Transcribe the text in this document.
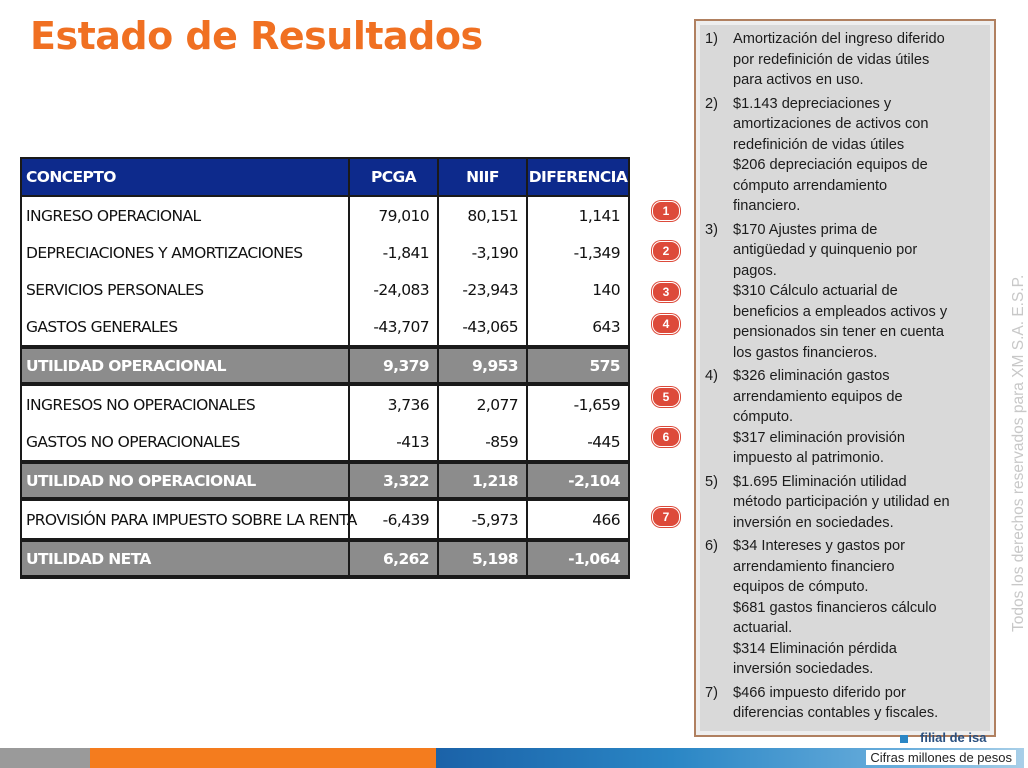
Estado de Resultados
CONCEPTO	PCGA	NIIF	DIFERENCIA
INGRESO OPERACIONAL	79,010	80,151	1,141
DEPRECIACIONES Y AMORTIZACIONES	-1,841	-3,190	-1,349
SERVICIOS PERSONALES	-24,083	-23,943	140
GASTOS GENERALES	-43,707	-43,065	643
UTILIDAD OPERACIONAL	9,379	9,953	575
INGRESOS NO OPERACIONALES	3,736	2,077	-1,659
GASTOS NO OPERACIONALES	-413	-859	-445
UTILIDAD NO OPERACIONAL	3,322	1,218	-2,104
PROVISIÓN PARA IMPUESTO SOBRE LA RENTA	-6,439	-5,973	466
UTILIDAD NETA	6,262	5,198	-1,064
1
2
3
4
5
6
7
1) Amortización del ingreso diferido
por redefinición de vidas útiles
para activos en uso.
2) $1.143 depreciaciones y
amortizaciones de activos con
redefinición de vidas útiles
$206 depreciación equipos de
cómputo arrendamiento
financiero.
3) $170 Ajustes prima de
antigüedad y quinquenio por
pagos.
$310 Cálculo actuarial de
beneficios a empleados activos y
pensionados sin tener en cuenta
los gastos financieros.
4) $326 eliminación gastos
arrendamiento equipos de
cómputo.
$317 eliminación provisión
impuesto al patrimonio.
5) $1.695 Eliminación utilidad
método participación y utilidad en
inversión en sociedades.
6) $34 Intereses y gastos por
arrendamiento financiero
equipos de cómputo.
$681 gastos financieros cálculo
actuarial.
$314 Eliminación pérdida
inversión sociedades.
7) $466 impuesto diferido por
diferencias contables y fiscales.
Todos los derechos reservados para XM S.A. E.S.P.
filial de isa
Cifras millones de pesos
